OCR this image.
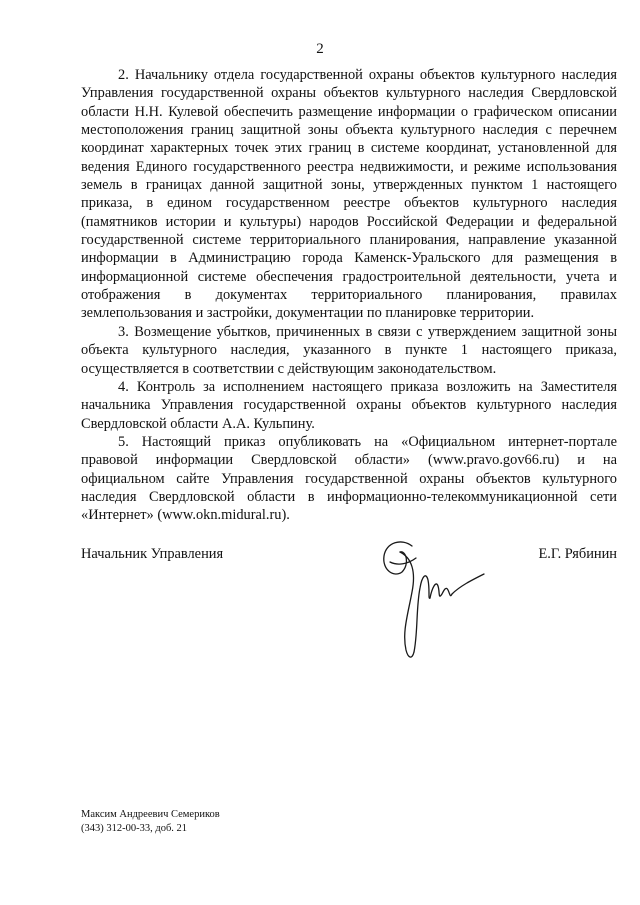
2

2. Начальнику отдела государственной охраны объектов культурного наследия Управления государственной охраны объектов культурного наследия Свердловской области Н.Н. Кулевой обеспечить размещение информации о графическом описании местоположения границ защитной зоны объекта культурного наследия с перечнем координат характерных точек этих границ в системе координат, установленной для ведения Единого государственного реестра недвижимости, и режиме использования земель в границах данной защитной зоны, утвержденных пунктом 1 настоящего приказа, в едином государственном реестре объектов культурного наследия (памятников истории и культуры) народов Российской Федерации и федеральной государственной системе территориального планирования, направление указанной информации в Администрацию города Каменск-Уральского для размещения в информационной системе обеспечения градостроительной деятельности, учета и отображения в документах территориального планирования, правилах землепользования и застройки, документации по планировке территории.

3. Возмещение убытков, причиненных в связи с утверждением защитной зоны объекта культурного наследия, указанного в пункте 1 настоящего приказа, осуществляется в соответствии с действующим законодательством.

4. Контроль за исполнением настоящего приказа возложить на Заместителя начальника Управления государственной охраны объектов культурного наследия Свердловской области А.А. Кульпину.

5. Настоящий приказ опубликовать на «Официальном интернет-портале правовой информации Свердловской области» (www.pravo.gov66.ru) и на официальном сайте Управления государственной охраны объектов культурного наследия Свердловской области в информационно-телекоммуникационной сети «Интернет» (www.okn.midural.ru).

Начальник Управления	Е.Г. Рябинин
Максим Андреевич Семериков
(343) 312-00-33, доб. 21
